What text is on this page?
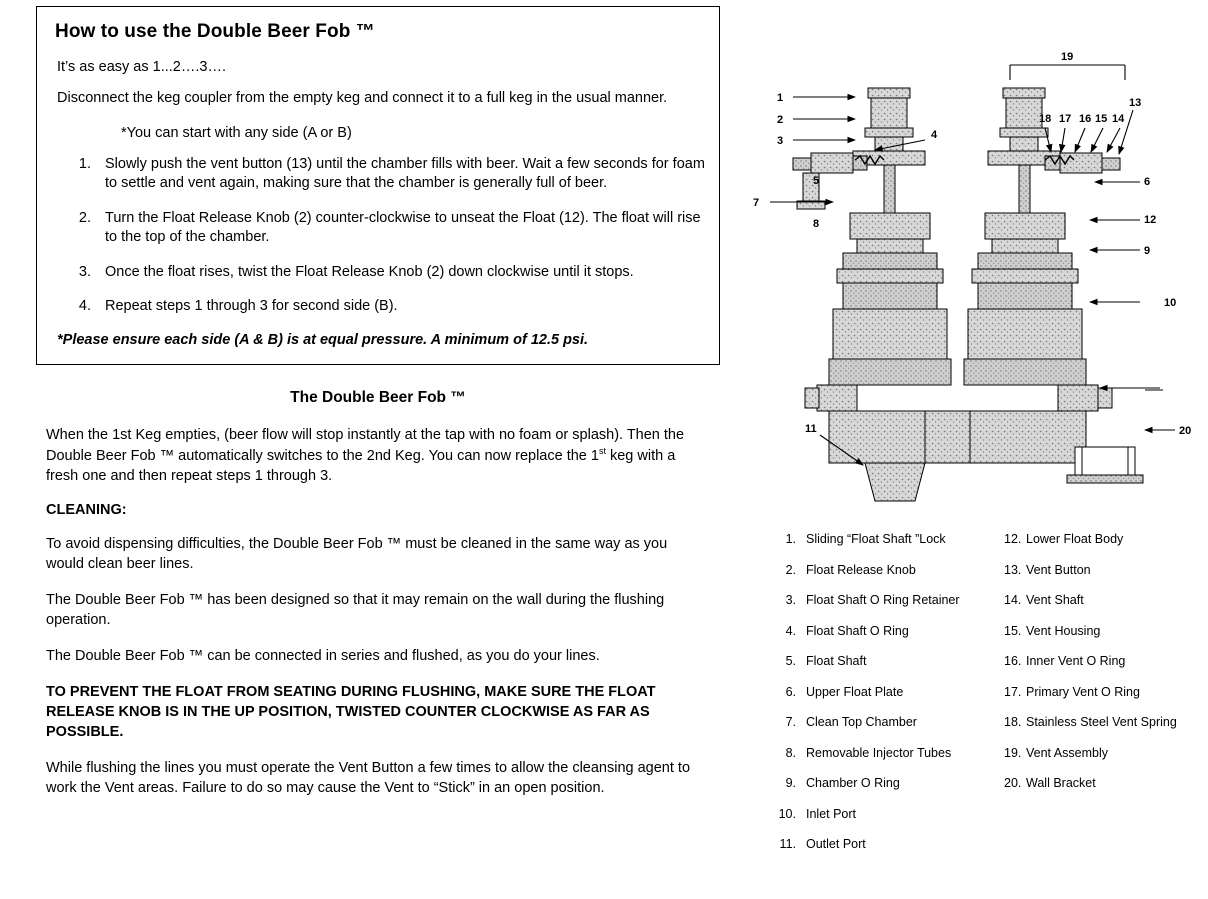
How to use the Double Beer Fob ™

It’s as easy as 1...2….3….

Disconnect the keg coupler from the empty keg and connect it to a full keg in the usual manner.

*You can start with any side (A or B)

1. Slowly push the vent button (13) until the chamber fills with beer. Wait a few seconds for foam to settle and vent again, making sure that the chamber is generally full of beer.
2. Turn the Float Release Knob (2) counter-clockwise to unseat the Float (12). The float will rise to the top of the chamber.
3. Once the float rises, twist the Float Release Knob (2) down clockwise until it stops.
4. Repeat steps 1 through 3 for second side (B).

*Please ensure each side (A & B) is at equal pressure. A minimum of 12.5 psi.

The Double Beer Fob ™

When the 1st Keg empties, (beer flow will stop instantly at the tap with no foam or splash). Then the Double Beer Fob ™ automatically switches to the 2nd Keg. You can now replace the 1st keg with a fresh one and then repeat steps 1 through 3.

CLEANING:

To avoid dispensing difficulties, the Double Beer Fob ™ must be cleaned in the same way as you would clean beer lines.

The Double Beer Fob ™ has been designed so that it may remain on the wall during the flushing operation.

The Double Beer Fob ™ can be connected in series and flushed, as you do your lines.

TO PREVENT THE FLOAT FROM SEATING DURING FLUSHING, MAKE SURE THE FLOAT RELEASE KNOB IS IN THE UP POSITION, TWISTED COUNTER CLOCKWISE AS FAR AS POSSIBLE.

While flushing the lines you must operate the Vent Button a few times to allow the cleansing agent to work the Vent areas. Failure to do so may cause the Vent to “Stick” in an open position.

1
2
3	4
5	6
7
8
9
12
10
11	20
18 17 16 15 14
13
19
1. Sliding “Float Shaft ”Lock
2. Float Release Knob
3. Float Shaft O Ring Retainer
4. Float Shaft O Ring
5. Float Shaft
6. Upper Float Plate
7. Clean Top Chamber
8. Removable Injector Tubes
9. Chamber O Ring
10. Inlet Port
11. Outlet Port
12. Lower Float Body
13. Vent Button
14. Vent Shaft
15. Vent Housing
16. Inner Vent O Ring
17. Primary Vent O Ring
18. Stainless Steel Vent Spring
19. Vent Assembly
20. Wall Bracket
